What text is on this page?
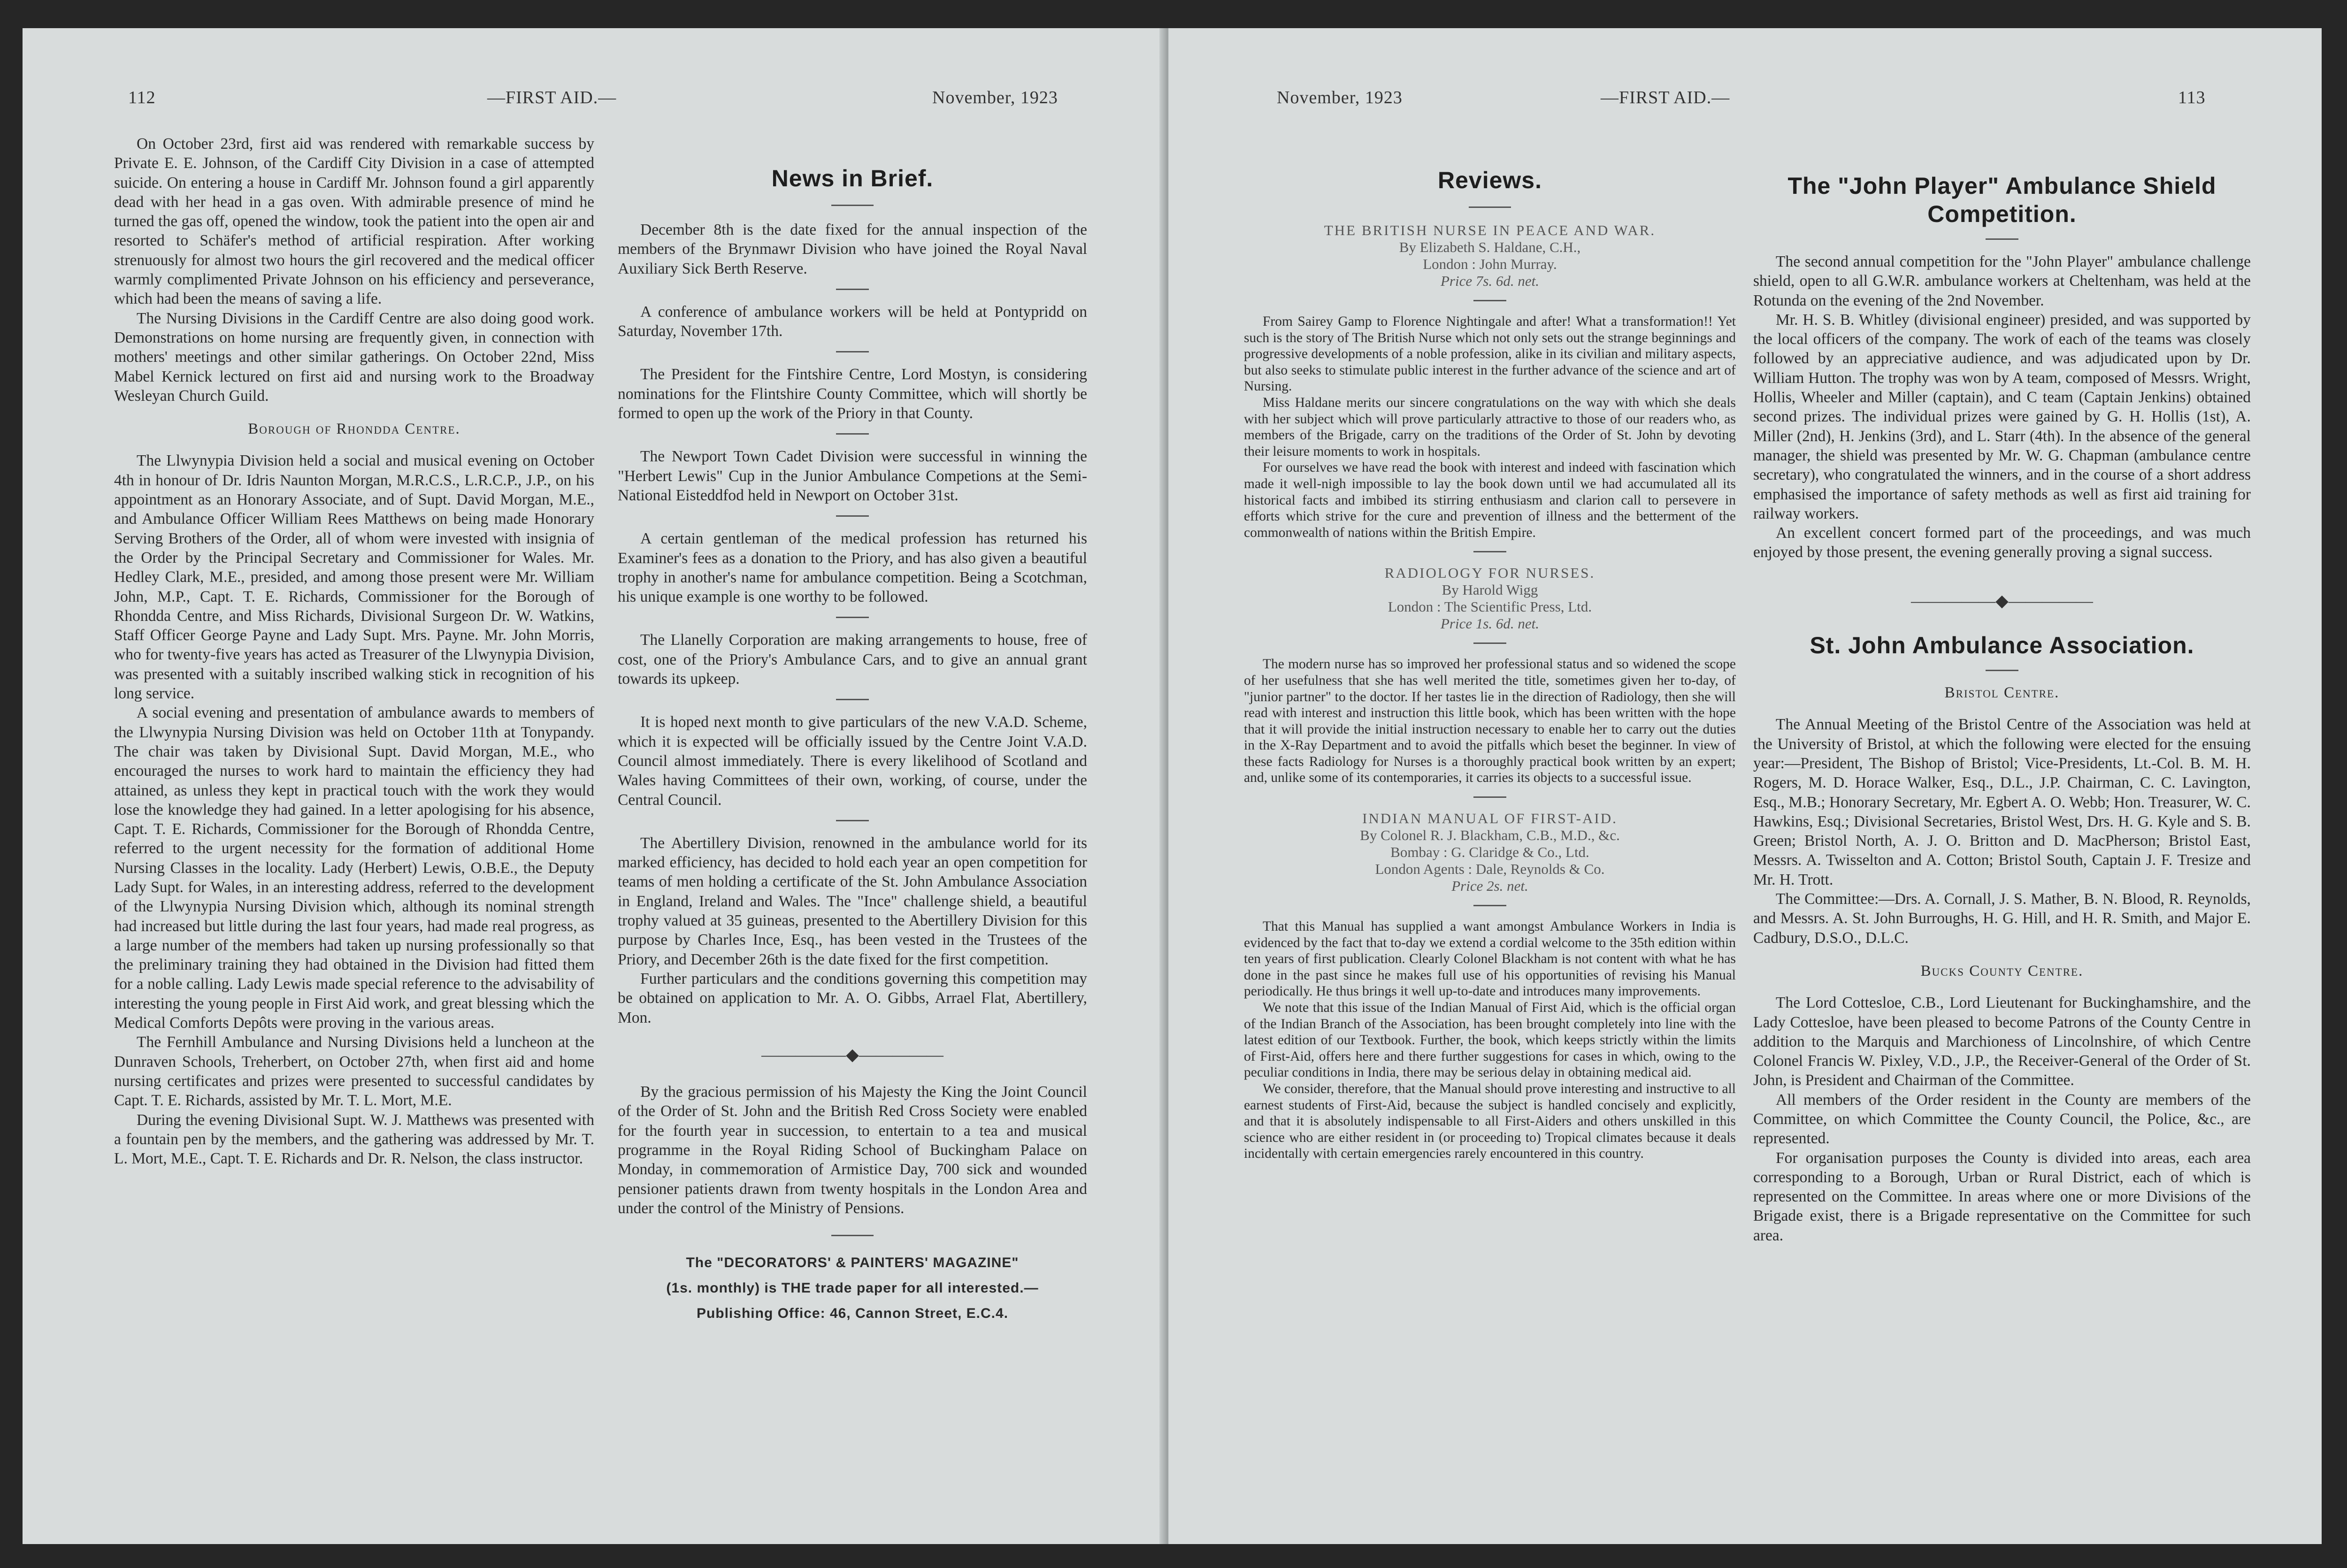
112	—FIRST AID.—	November, 1923

On October 23rd, first aid was rendered with remarkable success by Private E. E. Johnson, of the Cardiff City Division in a case of attempted suicide. On entering a house in Cardiff Mr. Johnson found a girl apparently dead with her head in a gas oven. With admirable presence of mind he turned the gas off, opened the window, took the patient into the open air and resorted to Schäfer's method of artificial respiration. After working strenuously for almost two hours the girl recovered and the medical officer warmly complimented Private Johnson on his efficiency and perseverance, which had been the means of saving a life.

The Nursing Divisions in the Cardiff Centre are also doing good work. Demonstrations on home nursing are frequently given, in connection with mothers' meetings and other similar gatherings. On October 22nd, Miss Mabel Kernick lectured on first aid and nursing work to the Broadway Wesleyan Church Guild.

Borough of Rhondda Centre.

The Llwynypia Division held a social and musical evening on October 4th in honour of Dr. Idris Naunton Morgan, M.R.C.S., L.R.C.P., J.P., on his appointment as an Honorary Associate, and of Supt. David Morgan, M.E., and Ambulance Officer William Rees Matthews on being made Honorary Serving Brothers of the Order, all of whom were invested with insignia of the Order by the Principal Secretary and Commissioner for Wales. Mr. Hedley Clark, M.E., presided, and among those present were Mr. William John, M.P., Capt. T. E. Richards, Commissioner for the Borough of Rhondda Centre, and Miss Richards, Divisional Surgeon Dr. W. Watkins, Staff Officer George Payne and Lady Supt. Mrs. Payne. Mr. John Morris, who for twenty-five years has acted as Treasurer of the Llwynypia Division, was presented with a suitably inscribed walking stick in recognition of his long service.

A social evening and presentation of ambulance awards to members of the Llwynypia Nursing Division was held on October 11th at Tonypandy. The chair was taken by Divisional Supt. David Morgan, M.E., who encouraged the nurses to work hard to maintain the efficiency they had attained, as unless they kept in practical touch with the work they would lose the knowledge they had gained. In a letter apologising for his absence, Capt. T. E. Richards, Commissioner for the Borough of Rhondda Centre, referred to the urgent necessity for the formation of additional Home Nursing Classes in the locality. Lady (Herbert) Lewis, O.B.E., the Deputy Lady Supt. for Wales, in an interesting address, referred to the development of the Llwynypia Nursing Division which, although its nominal strength had increased but little during the last four years, had made real progress, as a large number of the members had taken up nursing professionally so that the preliminary training they had obtained in the Division had fitted them for a noble calling. Lady Lewis made special reference to the advisability of interesting the young people in First Aid work, and great blessing which the Medical Comforts Depôts were proving in the various areas.

The Fernhill Ambulance and Nursing Divisions held a luncheon at the Dunraven Schools, Treherbert, on October 27th, when first aid and home nursing certificates and prizes were presented to successful candidates by Capt. T. E. Richards, assisted by Mr. T. L. Mort, M.E.

During the evening Divisional Supt. W. J. Matthews was presented with a fountain pen by the members, and the gathering was addressed by Mr. T. L. Mort, M.E., Capt. T. E. Richards and Dr. R. Nelson, the class instructor.

News in Brief.

December 8th is the date fixed for the annual inspection of the members of the Brynmawr Division who have joined the Royal Naval Auxiliary Sick Berth Reserve.

A conference of ambulance workers will be held at Pontypridd on Saturday, November 17th.

The President for the Fintshire Centre, Lord Mostyn, is considering nominations for the Flintshire County Committee, which will shortly be formed to open up the work of the Priory in that County.

The Newport Town Cadet Division were successful in winning the "Herbert Lewis" Cup in the Junior Ambulance Competions at the Semi-National Eisteddfod held in Newport on October 31st.

A certain gentleman of the medical profession has returned his Examiner's fees as a donation to the Priory, and has also given a beautiful trophy in another's name for ambulance competition. Being a Scotchman, his unique example is one worthy to be followed.

The Llanelly Corporation are making arrangements to house, free of cost, one of the Priory's Ambulance Cars, and to give an annual grant towards its upkeep.

It is hoped next month to give particulars of the new V.A.D. Scheme, which it is expected will be officially issued by the Centre Joint V.A.D. Council almost immediately. There is every likelihood of Scotland and Wales having Committees of their own, working, of course, under the Central Council.

The Abertillery Division, renowned in the ambulance world for its marked efficiency, has decided to hold each year an open competition for teams of men holding a certificate of the St. John Ambulance Association in England, Ireland and Wales. The "Ince" challenge shield, a beautiful trophy valued at 35 guineas, presented to the Abertillery Division for this purpose by Charles Ince, Esq., has been vested in the Trustees of the Priory, and December 26th is the date fixed for the first competition.

Further particulars and the conditions governing this competition may be obtained on application to Mr. A. O. Gibbs, Arrael Flat, Abertillery, Mon.

—————◆—————

By the gracious permission of his Majesty the King the Joint Council of the Order of St. John and the British Red Cross Society were enabled for the fourth year in succession, to entertain to a tea and musical programme in the Royal Riding School of Buckingham Palace on Monday, in commemoration of Armistice Day, 700 sick and wounded pensioner patients drawn from twenty hospitals in the London Area and under the control of the Ministry of Pensions.

The "DECORATORS' & PAINTERS' MAGAZINE"
(1s. monthly) is THE trade paper for all interested.—
Publishing Office: 46, Cannon Street, E.C.4.
November, 1923	—FIRST AID.—	113
Reviews.
THE BRITISH NURSE IN PEACE AND WAR.
By Elizabeth S. Haldane, C.H.,
London : John Murray.
Price 7s. 6d. net.

From Sairey Gamp to Florence Nightingale and after! What a transformation!! Yet such is the story of The British Nurse which not only sets out the strange beginnings and progressive developments of a noble profession, alike in its civilian and military aspects, but also seeks to stimulate public interest in the further advance of the science and art of Nursing.

Miss Haldane merits our sincere congratulations on the way with which she deals with her subject which will prove particularly attractive to those of our readers who, as members of the Brigade, carry on the traditions of the Order of St. John by devoting their leisure moments to work in hospitals.

For ourselves we have read the book with interest and indeed with fascination which made it well-nigh impossible to lay the book down until we had accumulated all its historical facts and imbibed its stirring enthusiasm and clarion call to persevere in efforts which strive for the cure and prevention of illness and the betterment of the commonwealth of nations within the British Empire.

RADIOLOGY FOR NURSES.
By Harold Wigg
London : The Scientific Press, Ltd.
Price 1s. 6d. net.

The modern nurse has so improved her professional status and so widened the scope of her usefulness that she has well merited the title, sometimes given her to-day, of "junior partner" to the doctor. If her tastes lie in the direction of Radiology, then she will read with interest and instruction this little book, which has been written with the hope that it will provide the initial instruction necessary to enable her to carry out the duties in the X-Ray Department and to avoid the pitfalls which beset the beginner. In view of these facts Radiology for Nurses is a thoroughly practical book written by an expert; and, unlike some of its contemporaries, it carries its objects to a successful issue.

INDIAN MANUAL OF FIRST-AID.
By Colonel R. J. Blackham, C.B., M.D., &c.
Bombay : G. Claridge & Co., Ltd.
London Agents : Dale, Reynolds & Co.
Price 2s. net.

That this Manual has supplied a want amongst Ambulance Workers in India is evidenced by the fact that to-day we extend a cordial welcome to the 35th edition within ten years of first publication. Clearly Colonel Blackham is not content with what he has done in the past since he makes full use of his opportunities of revising his Manual periodically. He thus brings it well up-to-date and introduces many improvements.

We note that this issue of the Indian Manual of First Aid, which is the official organ of the Indian Branch of the Association, has been brought completely into line with the latest edition of our Textbook. Further, the book, which keeps strictly within the limits of First-Aid, offers here and there further suggestions for cases in which, owing to the peculiar conditions in India, there may be serious delay in obtaining medical aid.

We consider, therefore, that the Manual should prove interesting and instructive to all earnest students of First-Aid, because the subject is handled concisely and explicitly, and that it is absolutely indispensable to all First-Aiders and others unskilled in this science who are either resident in (or proceeding to) Tropical climates because it deals incidentally with certain emergencies rarely encountered in this country.

The "John Player" Ambulance Shield Competition.

The second annual competition for the "John Player" ambulance challenge shield, open to all G.W.R. ambulance workers at Cheltenham, was held at the Rotunda on the evening of the 2nd November.

Mr. H. S. B. Whitley (divisional engineer) presided, and was supported by the local officers of the company. The work of each of the teams was closely followed by an appreciative audience, and was adjudicated upon by Dr. William Hutton. The trophy was won by A team, composed of Messrs. Wright, Hollis, Wheeler and Miller (captain), and C team (Captain Jenkins) obtained second prizes. The individual prizes were gained by G. H. Hollis (1st), A. Miller (2nd), H. Jenkins (3rd), and L. Starr (4th). In the absence of the general manager, the shield was presented by Mr. W. G. Chapman (ambulance centre secretary), who congratulated the winners, and in the course of a short address emphasised the importance of safety methods as well as first aid training for railway workers.

An excellent concert formed part of the proceedings, and was much enjoyed by those present, the evening generally proving a signal success.

—————◆—————
St. John Ambulance Association.

Bristol Centre.

The Annual Meeting of the Bristol Centre of the Association was held at the University of Bristol, at which the following were elected for the ensuing year:—President, The Bishop of Bristol; Vice-Presidents, Lt.-Col. B. M. H. Rogers, M. D. Horace Walker, Esq., D.L., J.P. Chairman, C. C. Lavington, Esq., M.B.; Honorary Secretary, Mr. Egbert A. O. Webb; Hon. Treasurer, W. C. Hawkins, Esq.; Divisional Secretaries, Bristol West, Drs. H. G. Kyle and S. B. Green; Bristol North, A. J. O. Britton and D. MacPherson; Bristol East, Messrs. A. Twisselton and A. Cotton; Bristol South, Captain J. F. Tresize and Mr. H. Trott.

The Committee:—Drs. A. Cornall, J. S. Mather, B. N. Blood, R. Reynolds, and Messrs. A. St. John Burroughs, H. G. Hill, and H. R. Smith, and Major E. Cadbury, D.S.O., D.L.C.

Bucks County Centre.

The Lord Cottesloe, C.B., Lord Lieutenant for Buckinghamshire, and the Lady Cottesloe, have been pleased to become Patrons of the County Centre in addition to the Marquis and Marchioness of Lincolnshire, of which Centre Colonel Francis W. Pixley, V.D., J.P., the Receiver-General of the Order of St. John, is President and Chairman of the Committee.

All members of the Order resident in the County are members of the Committee, on which Committee the County Council, the Police, &c., are represented.

For organisation purposes the County is divided into areas, each area corresponding to a Borough, Urban or Rural District, each of which is represented on the Committee. In areas where one or more Divisions of the Brigade exist, there is a Brigade representative on the Committee for such area.
